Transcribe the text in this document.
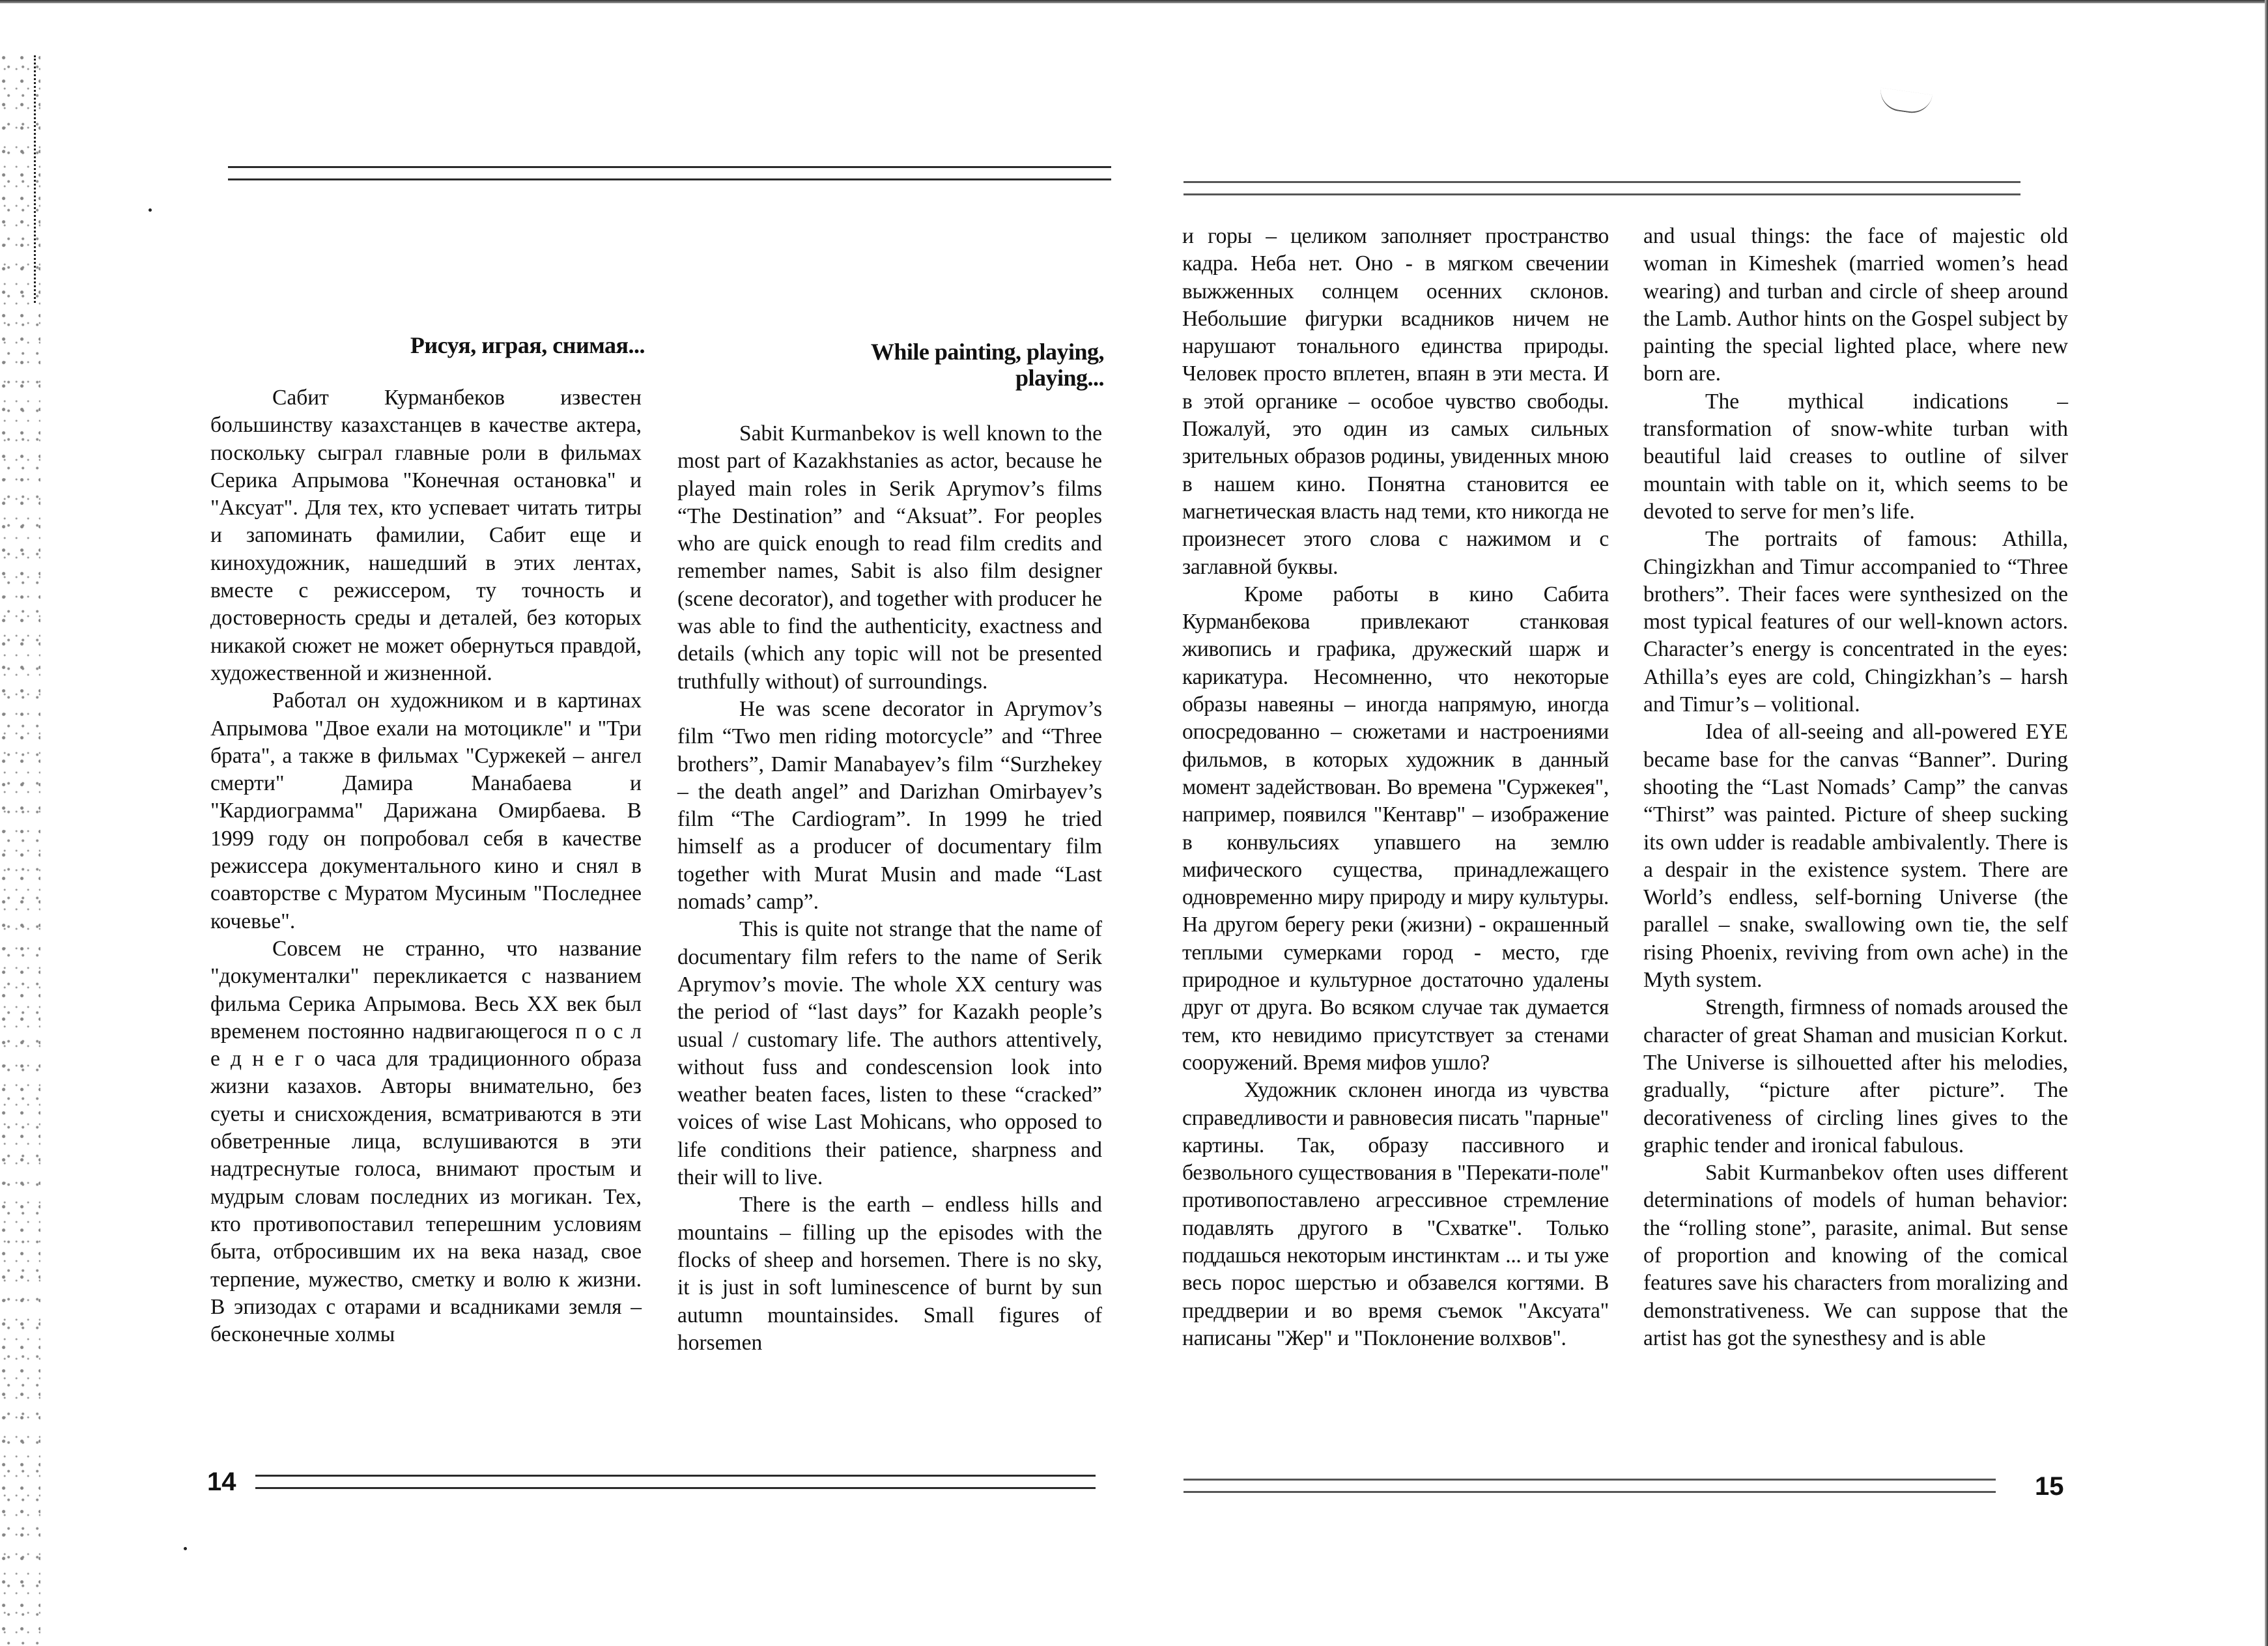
Рисуя, играя, снимая...

Сабит Курманбеков известен большинству казахстанцев в качестве актера, поскольку сыграл главные роли в фильмах Серика Апрымова "Конечная остановка" и "Аксуат". Для тех, кто успевает читать титры и запоминать фамилии, Сабит еще и кинохудожник, нашедший в этих лентах, вместе с режиссером, ту точность и достоверность среды и деталей, без которых никакой сюжет не может обернуться правдой, художественной и жизненной.

Работал он художником и в картинах Апрымова "Двое ехали на мотоцикле" и "Три брата", а также в фильмах "Суржекей – ангел смерти" Дамира Манабаева и "Кардиограмма" Дарижана Омирбаева. В 1999 году он попробовал себя в качестве режиссера документального кино и снял в соавторстве с Муратом Мусиным "Последнее кочевье".

Совсем не странно, что название "документалки" перекликается с названием фильма Серика Апрымова. Весь XX век был временем постоянно надвигающегося п о с л е д н е г о часа для традиционного образа жизни казахов. Авторы внимательно, без суеты и снисхождения, всматриваются в эти обветренные лица, вслушиваются в эти надтреснутые голоса, внимают простым и мудрым словам последних из могикан. Тех, кто противопоставил теперешним условиям быта, отбросившим их на века назад, свое терпение, мужество, сметку и волю к жизни. В эпизодах с отарами и всадниками земля – бесконечные холмы

While painting, playing,
playing...

Sabit Kurmanbekov is well known to the most part of Kazakhstanies as actor, because he played main roles in Serik Aprymov’s films “The Destination” and “Aksuat”. For peoples who are quick enough to read film credits and remember names, Sabit is also film designer (scene decorator), and together with producer he was able to find the authenticity, exactness and details (which any topic will not be presented truthfully without) of surroundings.

He was scene decorator in Aprymov’s film “Two men riding motorcycle” and “Three brothers”, Damir Manabayev’s film “Surzhekey – the death angel” and Darizhan Omirbayev’s film “The Cardiogram”. In 1999 he tried himself as a producer of documentary film together with Murat Musin and made “Last nomads’ camp”.

This is quite not strange that the name of documentary film refers to the name of Serik Aprymov’s movie. The whole XX century was the period of “last days” for Kazakh people’s usual / customary life. The authors attentively, without fuss and condescension look into weather beaten faces, listen to these “cracked” voices of wise Last Mohicans, who opposed to life conditions their patience, sharpness and their will to live.

There is the earth – endless hills and mountains – filling up the episodes with the flocks of sheep and horsemen. There is no sky, it is just in soft luminescence of burnt by sun autumn mountainsides. Small figures of horsemen

14

и горы – целиком заполняет пространство кадра. Неба нет. Оно - в мягком свечении выжженных солнцем осенних склонов. Небольшие фигурки всадников ничем не нарушают тонального единства природы. Человек просто вплетен, впаян в эти места. И в этой органике – особое чувство свободы. Пожалуй, это один из самых сильных зрительных образов родины, увиденных мною в нашем кино. Понятна становится ее магнетическая власть над теми, кто никогда не произнесет этого слова с нажимом и с заглавной буквы.

Кроме работы в кино Сабита Курманбекова привлекают станковая живопись и графика, дружеский шарж и карикатура. Несомненно, что некоторые образы навеяны – иногда напрямую, иногда опосредованно – сюжетами и настроениями фильмов, в которых художник в данный момент задействован. Во времена "Суржекея", например, появился "Кентавр" – изображение в конвульсиях упавшего на землю мифического существа, принадлежащего одновременно миру природу и миру культуры. На другом берегу реки (жизни) - окрашенный теплыми сумерками город - место, где природное и культурное достаточно удалены друг от друга. Во всяком случае так думается тем, кто невидимо присутствует за стенами сооружений. Время мифов ушло?

Художник склонен иногда из чувства справедливости и равновесия писать "парные" картины. Так, образу пассивного и безвольного существования в "Перекати-поле" противопоставлено агрессивное стремление подавлять другого в "Схватке". Только поддашься некоторым инстинктам ... и ты уже весь порос шерстью и обзавелся когтями. В преддверии и во время съемок "Аксуата" написаны "Жер" и "Поклонение волхвов".

and usual things: the face of majestic old woman in Kimeshek (married women’s head wearing) and turban and circle of sheep around the Lamb. Author hints on the Gospel subject by painting the special lighted place, where new born are.

The mythical indications – transformation of snow-white turban with beautiful laid creases to outline of silver mountain with table on it, which seems to be devoted to serve for men’s life.

The portraits of famous: Athilla, Chingizkhan and Timur accompanied to “Three brothers”. Their faces were synthesized on the most typical features of our well-known actors. Character’s energy is concentrated in the eyes: Athilla’s eyes are cold, Chingizkhan’s – harsh and Timur’s – volitional.

Idea of all-seeing and all-powered EYE became base for the canvas “Banner”. During shooting the “Last Nomads’ Camp” the canvas “Thirst” was painted. Picture of sheep sucking its own udder is readable ambivalently. There is a despair in the existence system. There are World’s endless, self-borning Universe (the parallel – snake, swallowing own tie, the self rising Phoenix, reviving from own ache) in the Myth system.

Strength, firmness of nomads aroused the character of great Shaman and musician Korkut. The Universe is silhouetted after his melodies, gradually, “picture after picture”. The decorativeness of circling lines gives to the graphic tender and ironical fabulous.

Sabit Kurmanbekov often uses different determinations of models of human behavior: the “rolling stone”, parasite, animal. But sense of proportion and knowing of the comical features save his characters from moralizing and demonstrativeness. We can suppose that the artist has got the synesthesy and is able

15
